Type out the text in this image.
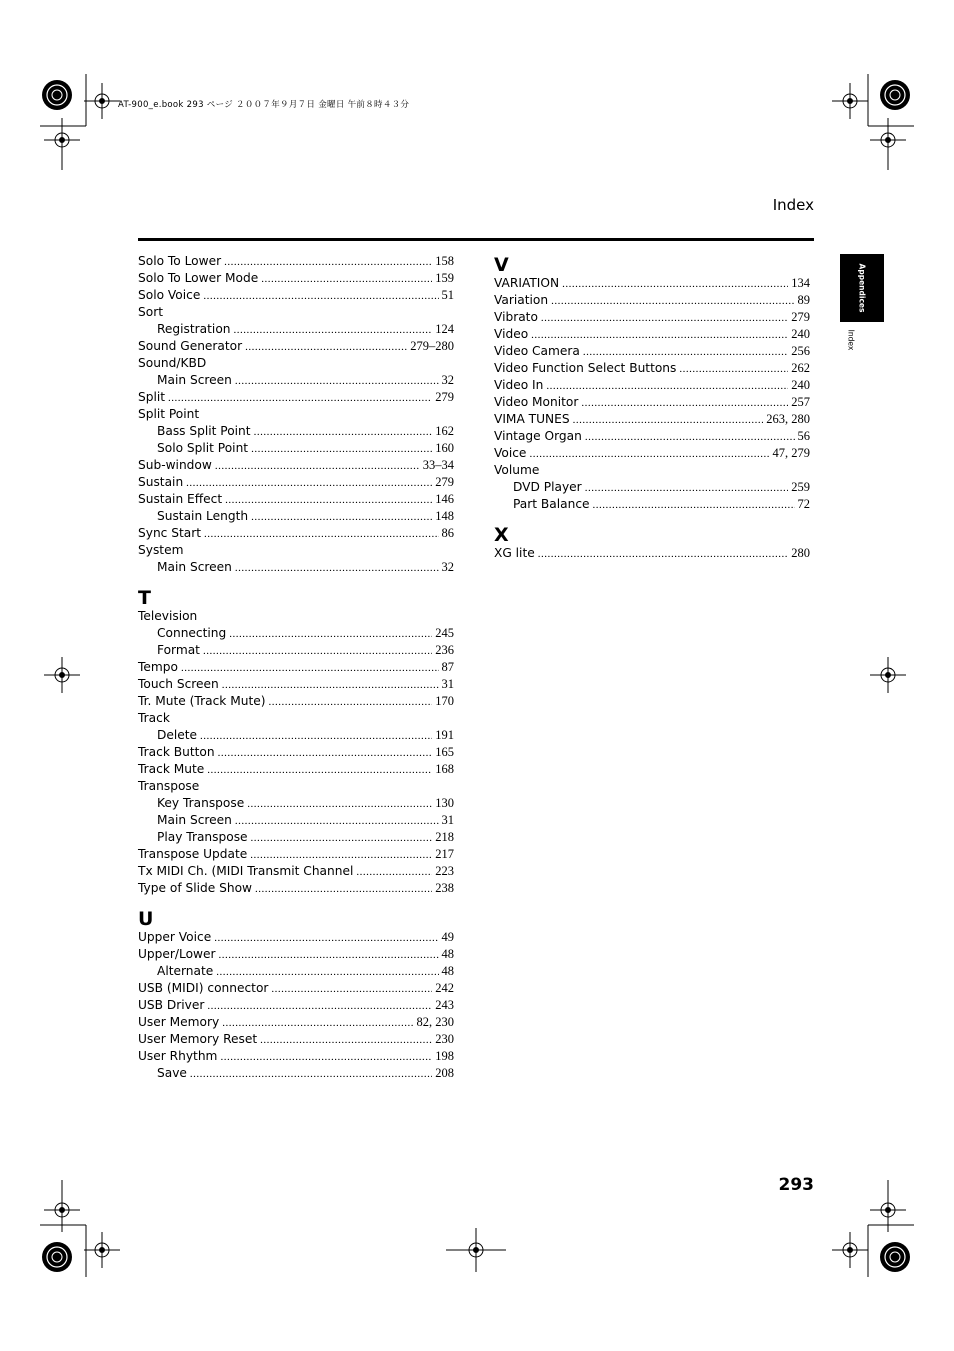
AT-900_e.book 293 ページ ２００７年９月７日 金曜日 午前８時４３分
Index
Appendices
Index
Solo To Lower .....	158
Solo To Lower Mode .....	159
Solo Voice .....	51
Sort
Registration .....	124
Sound Generator .....	279–280
Sound/KBD
Main Screen .....	32
Split .....	279
Split Point
Bass Split Point .....	162
Solo Split Point .....	160
Sub-window .....	33–34
Sustain .....	279
Sustain Effect .....	146
Sustain Length .....	148
Sync Start .....	86
System
Main Screen .....	32
T
Television
Connecting .....	245
Format .....	236
Tempo .....	87
Touch Screen .....	31
Tr. Mute (Track Mute) .....	170
Track
Delete .....	191
Track Button .....	165
Track Mute .....	168
Transpose
Key Transpose .....	130
Main Screen .....	31
Play Transpose .....	218
Transpose Update .....	217
Tx MIDI Ch. (MIDI Transmit Channel .....	223
Type of Slide Show .....	238
U
Upper Voice .....	49
Upper/Lower .....	48
Alternate .....	48
USB (MIDI) connector .....	242
USB Driver .....	243
User Memory .....	82, 230
User Memory Reset .....	230
User Rhythm .....	198
Save .....	208
V
VARIATION .....	134
Variation .....	89
Vibrato .....	279
Video .....	240
Video Camera .....	256
Video Function Select Buttons .....	262
Video In .....	240
Video Monitor .....	257
VIMA TUNES .....	263, 280
Vintage Organ .....	56
Voice .....	47, 279
Volume
DVD Player .....	259
Part Balance .....	72
X
XG lite .....	280
293
